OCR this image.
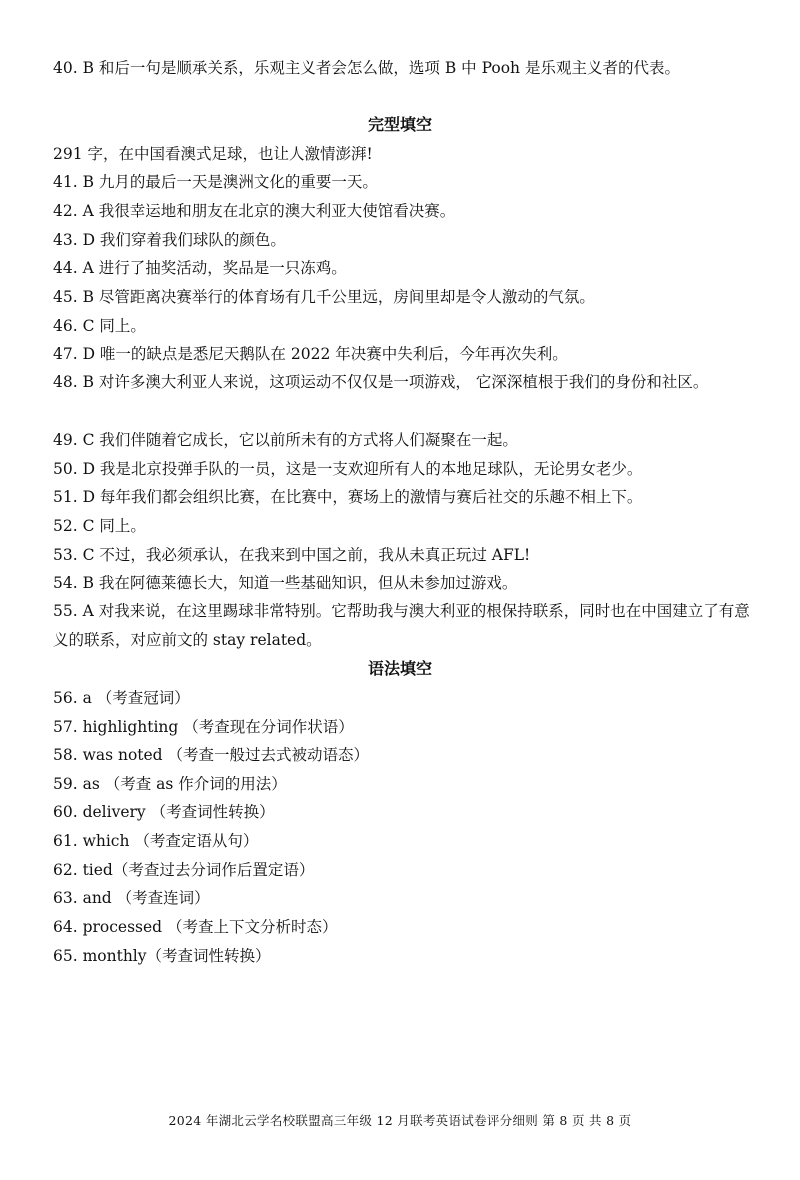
40. B 和后一句是顺承关系，乐观主义者会怎么做，选项 B 中 Pooh 是乐观主义者的代表。
完型填空
291 字，在中国看澳式足球，也让人激情澎湃!
41. B 九月的最后一天是澳洲文化的重要一天。
42. A 我很幸运地和朋友在北京的澳大利亚大使馆看决赛。
43. D 我们穿着我们球队的颜色。
44. A 进行了抽奖活动，奖品是一只冻鸡。
45. B 尽管距离决赛举行的体育场有几千公里远，房间里却是令人激动的气氛。
46. C 同上。
47. D 唯一的缺点是悉尼天鹅队在 2022 年决赛中失利后，今年再次失利。
48. B 对许多澳大利亚人来说，这项运动不仅仅是一项游戏， 它深深植根于我们的身份和社区。
49. C 我们伴随着它成长，它以前所未有的方式将人们凝聚在一起。
50. D 我是北京投弹手队的一员，这是一支欢迎所有人的本地足球队，无论男女老少。
51. D 每年我们都会组织比赛，在比赛中，赛场上的激情与赛后社交的乐趣不相上下。
52. C 同上。
53. C 不过，我必须承认，在我来到中国之前，我从未真正玩过 AFL!
54. B 我在阿德莱德长大，知道一些基础知识，但从未参加过游戏。
55. A 对我来说，在这里踢球非常特别。它帮助我与澳大利亚的根保持联系，同时也在中国建立了有意义的联系，对应前文的 stay related。
语法填空
56. a （考查冠词）
57. highlighting （考查现在分词作状语）
58. was noted （考查一般过去式被动语态）
59. as （考查 as 作介词的用法）
60. delivery （考查词性转换）
61. which （考查定语从句）
62. tied（考查过去分词作后置定语）
63. and （考查连词）
64. processed （考查上下文分析时态）
65. monthly（考查词性转换）
2024 年湖北云学名校联盟高三年级 12 月联考英语试卷评分细则 第 8 页 共 8 页
